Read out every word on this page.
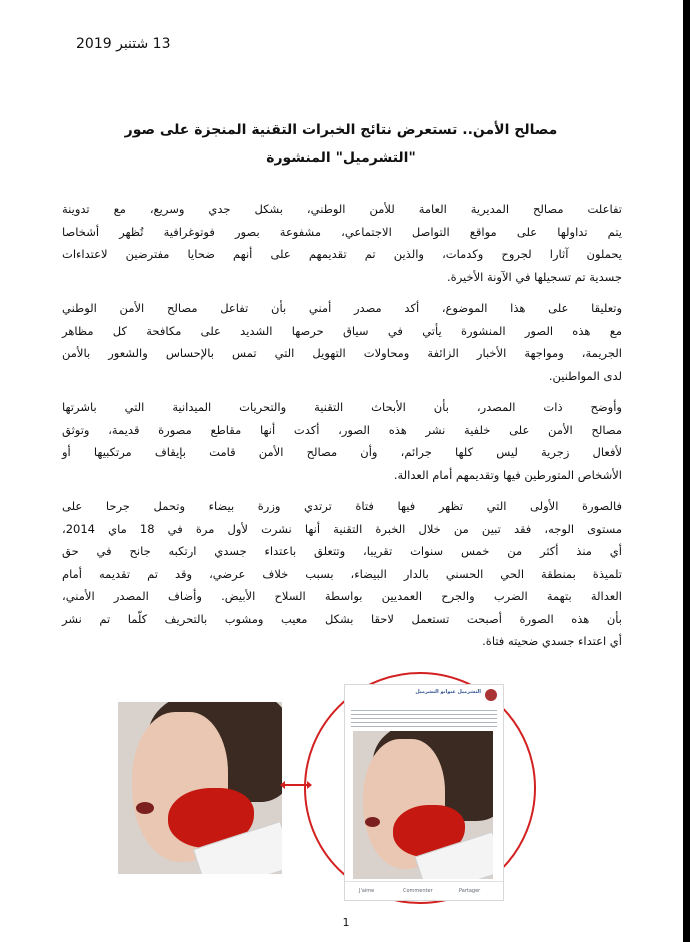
13 شتنبر 2019
مصالح الأمن.. تستعرض نتائج الخبرات التقنية المنجزة على صور
"التشرميل" المنشورة

تفاعلت مصالح المديرية العامة للأمن الوطني، بشكل جدي وسريع، مع تدوينة
يتم تداولها على مواقع التواصل الاجتماعي، مشفوعة بصور فوتوغرافية تُظهر أشخاصا
يحملون آثارا لجروح وكدمات، والذين تم تقديمهم على أنهم ضحايا مفترضين لاعتداءات
جسدية تم تسجيلها في الآونة الأخيرة.

وتعليقا على هذا الموضوع، أكد مصدر أمني بأن تفاعل مصالح الأمن الوطني
مع هذه الصور المنشورة يأتي في سياق حرصها الشديد على مكافحة كل مظاهر
الجريمة، ومواجهة الأخبار الزائفة ومحاولات التهويل التي تمس بالإحساس والشعور بالأمن
لدى المواطنين.

وأوضح ذات المصدر، بأن الأبحاث التقنية والتحريات الميدانية التي باشرتها
مصالح الأمن على خلفية نشر هذه الصور، أكدت أنها مقاطع مصورة قديمة، وتوثق
لأفعال زجرية ليس كلها جرائم، وأن مصالح الأمن قامت بإيقاف مرتكبيها أو
الأشخاص المتورطين فيها وتقديمهم أمام العدالة.

فالصورة الأولى التي تظهر فيها فتاة ترتدي وزرة بيضاء وتحمل جرحا على
مستوى الوجه، فقد تبين من خلال الخبرة التقنية أنها نشرت لأول مرة في 18 ماي 2014،
أي منذ أكثر من خمس سنوات تقريبا، وتتعلق باعتداء جسدي ارتكبه جانح في حق
تلميذة بمنطقة الحي الحسني بالدار البيضاء، بسبب خلاف عرضي، وقد تم تقديمه أمام
العدالة بتهمة الضرب والجرح العمديين بواسطة السلاح الأبيض. وأضاف المصدر الأمني،
بأن هذه الصورة أصبحت تستعمل لاحقا بشكل معيب ومشوب بالتحريف كلّما تم نشر
أي اعتداء جسدي ضحيته فتاة.

التشرميل عنوانو التشرميل
J'aime	Commenter	Partager
1
